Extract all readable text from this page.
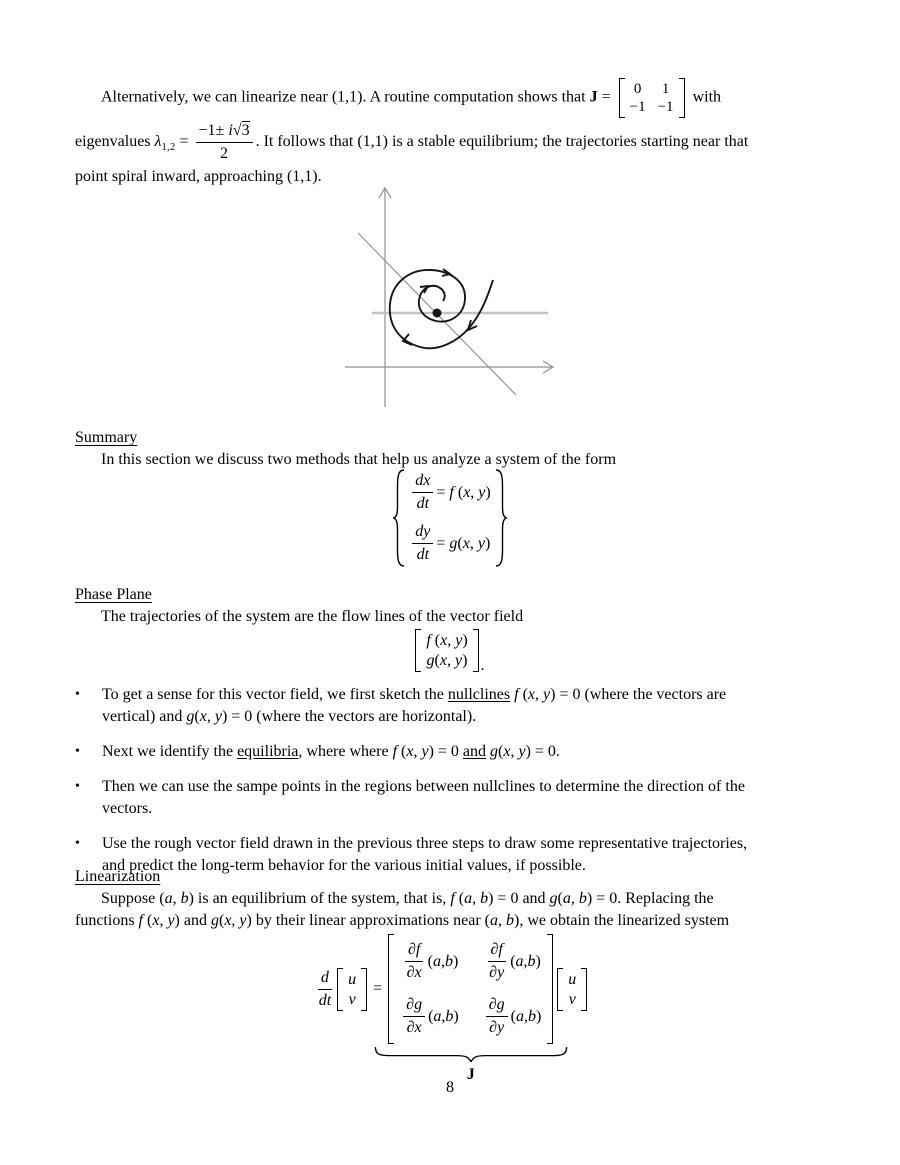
Alternatively, we can linearize near (1,1). A routine computation shows that J = 0 1
−1 −1
with
eigenvalues $\lambda_{1,2} = \frac{-1\pm i√3}{2}$ . It follows that (1,1) is a stable equilibrium; the trajectories starting near that
point spiral inward, approaching (1,1).
Summary
In this section we discuss two methods that help us analyze a system of the form
$\frac{dx}{dt} = f$ (x, y)
$\frac{dy}{dt} = g(x$, y)
Phase Plane
The trajectories of the system are the flow lines of the vector field
f (x, y)
g(x, y) .
•	To get a sense for this vector field, we first sketch the nullclines f (x, y) = 0 (where the vectors are
vertical) and g(x, y) = 0 (where the vectors are horizontal).
•	Next we identify the equilibria, where where f (x, y) = 0 and g(x, y) = 0.
•	Then we can use the sampe points in the regions between nullclines to determine the direction of the
vectors.
•	Use the rough vector field drawn in the previous three steps to draw some representative trajectories,
and predict the long-term behavior for the various initial values, if possible.
Linearization
Suppose (a, b) is an equilibrium of the system, that is, f (a, b) = 0 and g(a, b) = 0. Replacing the
functions f (x, y) and g(x, y) by their linear approximations near (a, b), we obtain the linearized system
$\frac{d}{dt}$ u
v
=
$\frac{\partial f}{\partial x} (a,b) \frac{\partial f}{\partial y} (a,b)$
$\frac{\partial g}{\partial x} (a,b) \frac{\partial g}{\partial y} (a,b)$
J
u
v
8
